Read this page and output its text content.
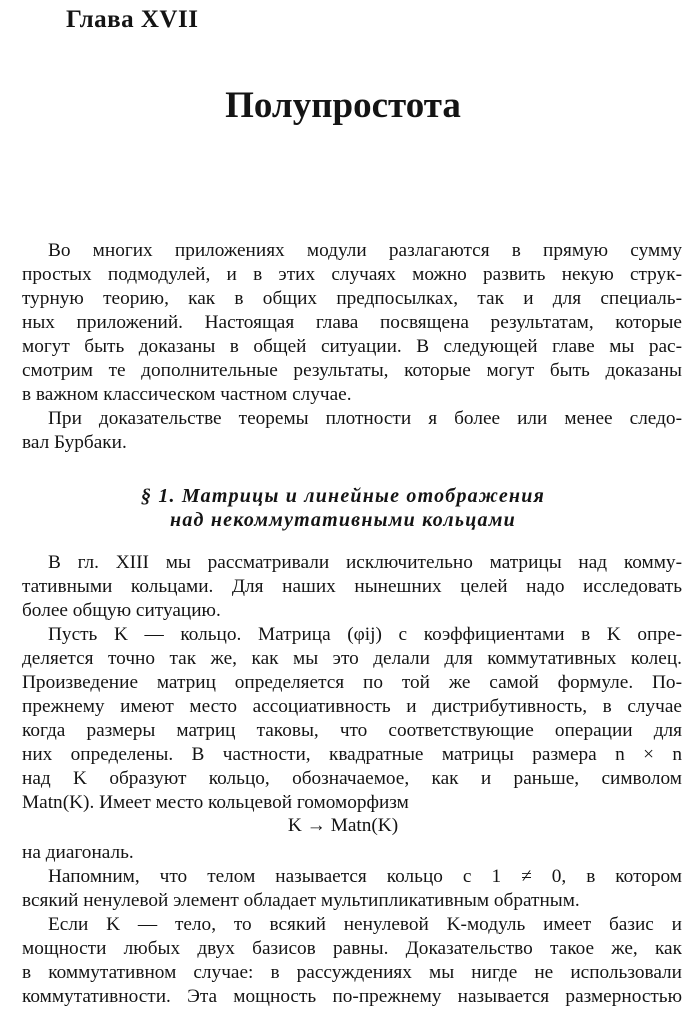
Глава XVII
Полупростота
Во многих приложениях модули разлагаются в прямую сумму
простых подмодулей, и в этих случаях можно развить некую струк-
турную теорию, как в общих предпосылках, так и для специаль-
ных приложений. Настоящая глава посвящена результатам, которые
могут быть доказаны в общей ситуации. В следующей главе мы рас-
смотрим те дополнительные результаты, которые могут быть доказаны
в важном классическом частном случае.
При доказательстве теоремы плотности я более или менее следо-
вал Бурбаки.
§ 1. Матрицы и линейные отображения
над некоммутативными кольцами
В гл. XIII мы рассматривали исключительно матрицы над комму-
тативными кольцами. Для наших нынешних целей надо исследовать
более общую ситуацию.
Пусть K — кольцо. Матрица (φij) с коэффициентами в K опре-
деляется точно так же, как мы это делали для коммутативных колец.
Произведение матриц определяется по той же самой формуле. По-
прежнему имеют место ассоциативность и дистрибутивность, в случае
когда размеры матриц таковы, что соответствующие операции для
них определены. В частности, квадратные матрицы размера n × n
над K образуют кольцо, обозначаемое, как и раньше, символом
Matn(K). Имеет место кольцевой гомоморфизм
K → Matn(K)
на диагональ.
Напомним, что телом называется кольцо с 1 ≠ 0, в котором
всякий ненулевой элемент обладает мультипликативным обратным.
Если K — тело, то всякий ненулевой K-модуль имеет базис и
мощности любых двух базисов равны. Доказательство такое же, как
в коммутативном случае: в рассуждениях мы нигде не использовали
коммутативности. Эта мощность по-прежнему называется размерностью
